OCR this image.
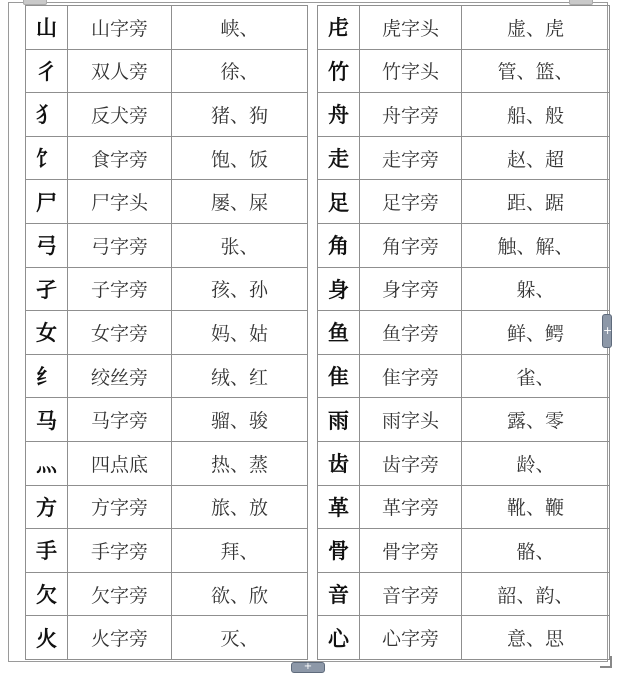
山	山字旁	峡、
彳	双人旁	徐、
犭	反犬旁	猪、狗
饣	食字旁	饱、饭
尸	尸字头	屡、屎
弓	弓字旁	张、
孑	子字旁	孩、孙
女	女字旁	妈、姑
纟	绞丝旁	绒、红
马	马字旁	骝、骏
灬	四点底	热、蒸
方	方字旁	旅、放
手	手字旁	拜、
欠	欠字旁	欲、欣
火	火字旁	灭、
虍	虎字头	虚、虎
竹	竹字头	管、篮、
舟	舟字旁	船、般
走	走字旁	赵、超
足	足字旁	距、踞
角	角字旁	触、解、
身	身字旁	躲、
鱼	鱼字旁	鲜、鳄
隹	隹字旁	雀、
雨	雨字头	露、零
齿	齿字旁	龄、
革	革字旁	靴、鞭
骨	骨字旁	骼、
音	音字旁	韶、韵、
心	心字旁	意、思
+
+
